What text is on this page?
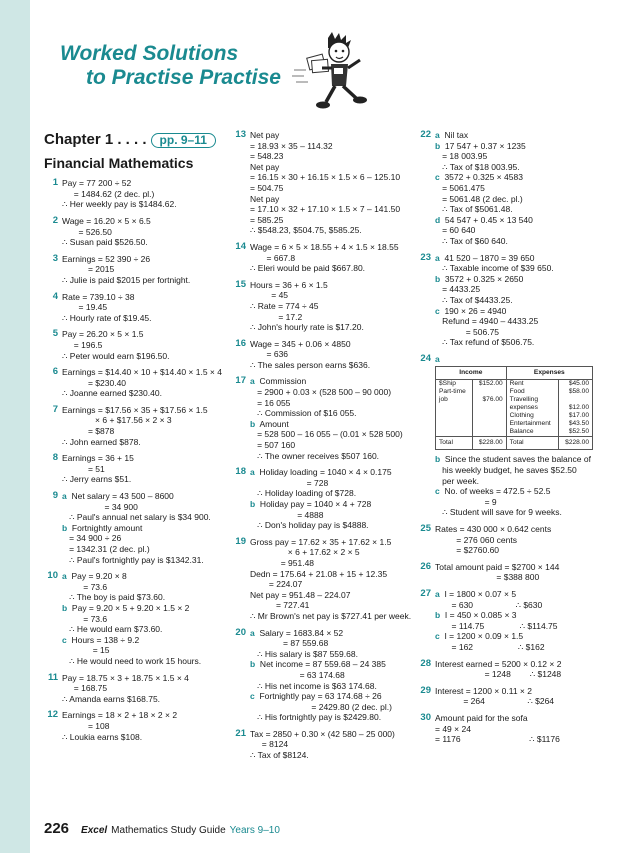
Worked Solutions
to Practise Practise
Chapter 1 . . . .	pp. 9–11
Financial Mathematics
1 Pay = 77 200 ÷ 52
= 1484.62 (2 dec. pl.)
∴ Her weekly pay is $1484.62.
2 Wage = 16.20 × 5 × 6.5
= 526.50
∴ Susan paid $526.50.
3 Earnings = 52 390 ÷ 26
= 2015
∴ Julie is paid $2015 per fortnight.
4 Rate = 739.10 ÷ 38
= 19.45
∴ Hourly rate of $19.45.
5 Pay = 26.20 × 5 × 1.5
= 196.5
∴ Peter would earn $196.50.
6 Earnings = $14.40 × 10 + $14.40 × 1.5 × 4
= $230.40
∴ Joanne earned $230.40.
7 Earnings = $17.56 × 35 + $17.56 × 1.5
× 6 + $17.56 × 2 × 3
= $878
∴ John earned $878.
8 Earnings = 36 + 15
= 51
∴ Jerry earns $51.
9 a  Net salary = 43 500 – 8600
= 34 900
∴ Paul's annual net salary is $34 900.
b  Fortnightly amount
= 34 900 ÷ 26
= 1342.31 (2 dec. pl.)
∴ Paul's fortnightly pay is $1342.31.
10 a  Pay = 9.20 × 8
= 73.6
∴ The boy is paid $73.60.
b  Pay = 9.20 × 5 + 9.20 × 1.5 × 2
= 73.6
∴ He would earn $73.60.
c  Hours = 138 ÷ 9.2
= 15
∴ He would need to work 15 hours.
11 Pay = 18.75 × 3 + 18.75 × 1.5 × 4
= 168.75
∴ Amanda earns $168.75.
12 Earnings = 18 × 2 + 18 × 2 × 2
= 108
∴ Loukia earns $108.
13 Net pay
= 18.93 × 35 – 114.32
= 548.23
Net pay
= 16.15 × 30 + 16.15 × 1.5 × 6 – 125.10
= 504.75
Net pay
= 17.10 × 32 + 17.10 × 1.5 × 7 – 141.50
= 585.25
∴ $548.23, $504.75, $585.25.
14 Wage = 6 × 5 × 18.55 + 4 × 1.5 × 18.55
= 667.8
∴ Eleri would be paid $667.80.
15 Hours = 36 + 6 × 1.5
= 45
∴ Rate = 774 ÷ 45
= 17.2
∴ John's hourly rate is $17.20.
16 Wage = 345 + 0.06 × 4850
= 636
∴ The sales person earns $636.
17 a  Commission
= 2900 + 0.03 × (528 500 – 90 000)
= 16 055
∴ Commission of $16 055.
b  Amount
= 528 500 – 16 055 – (0.01 × 528 500)
= 507 160
∴ The owner receives $507 160.
18 a  Holiday loading = 1040 × 4 × 0.175
= 728
∴ Holiday loading of $728.
b  Holiday pay = 1040 × 4 + 728
= 4888
∴ Don's holiday pay is $4888.
19 Gross pay = 17.62 × 35 + 17.62 × 1.5
× 6 + 17.62 × 2 × 5
= 951.48
Dedn = 175.64 + 21.08 + 15 + 12.35
= 224.07
Net pay = 951.48 – 224.07
= 727.41
∴ Mr Brown's net pay is $727.41 per week.
20 a  Salary = 1683.84 × 52
= 87 559.68
∴ His salary is $87 559.68.
b  Net income = 87 559.68 – 24 385
= 63 174.68
∴ His net income is $63 174.68.
c  Fortnightly pay = 63 174.68 ÷ 26
= 2429.80 (2 dec. pl.)
∴ His fortnightly pay is $2429.80.
21 Tax = 2850 + 0.30 × (42 580 – 25 000)
= 8124
∴ Tax of $8124.
22 a  Nil tax
b  17 547 + 0.37 × 1235
= 18 003.95
∴ Tax of $18 003.95.
c  3572 + 0.325 × 4583
= 5061.475
= 5061.48 (2 dec. pl.)
∴ Tax of $5061.48.
d  54 547 + 0.45 × 13 540
= 60 640
∴ Tax of $60 640.
23 a  41 520 – 1870 = 39 650
∴ Taxable income of $39 650.
b  3572 + 0.325 × 2650
= 4433.25
∴ Tax of $4433.25.
c  190 × 26 = 4940
Refund = 4940 – 4433.25
= 506.75
∴ Tax refund of $506.75.
24 a
Income		Expenses	
$Ship	$152.00	Rent	$45.00
Part-time		Food	$58.00
job	$76.00	Travelling	
		expenses	$12.00
		Clothing	$17.00
		Entertainment	$43.50
		Balance	$52.50
Total	$228.00	Total	$228.00
b  Since the student saves the balance of
his weekly budget, he saves $52.50
per week.
c  No. of weeks = 472.5 ÷ 52.5
= 9
∴ Student will save for 9 weeks.
25 Rates = 430 000 × 0.642 cents
= 276 060 cents
= $2760.60
26 Total amount paid = $2700 × 144
= $388 800
27 a  I = 1800 × 0.07 × 5
= 630                  ∴ $630
b  I = 450 × 0.085 × 3
= 114.75               ∴ $114.75
c  I = 1200 × 0.09 × 1.5
= 162                   ∴ $162
28 Interest earned = 5200 × 0.12 × 2
= 1248        ∴ $1248
29 Interest = 1200 × 0.11 × 2
= 264                  ∴ $264
30 Amount paid for the sofa
= 49 × 24
= 1176                             ∴ $1176
226 Excel Mathematics Study Guide Years 9–10
